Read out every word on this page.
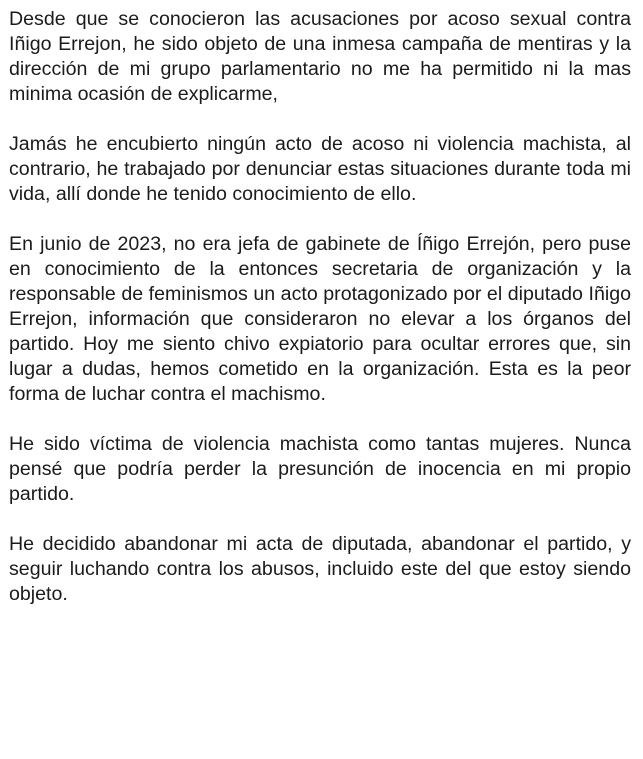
Desde que se conocieron las acusaciones por acoso sexual contra Iñigo Errejon, he sido objeto de una inmesa campaña de mentiras y la dirección de mi grupo parlamentario no me ha permitido ni la mas minima ocasión de explicarme,

Jamás he encubierto ningún acto de acoso ni violencia machista, al contrario, he trabajado por denunciar estas situaciones durante toda mi vida, allí donde he tenido conocimiento de ello.

En junio de 2023, no era jefa de gabinete de Íñigo Errejón, pero puse en conocimiento de la entonces secretaria de organización y la responsable de feminismos un acto protagonizado por el diputado Iñigo Errejon, información que consideraron no elevar a los órganos del partido. Hoy me siento chivo expiatorio para ocultar errores que, sin lugar a dudas, hemos cometido en la organización. Esta es la peor forma de luchar contra el machismo.

He sido víctima de violencia machista como tantas mujeres. Nunca pensé que podría perder la presunción de inocencia en mi propio partido.

He decidido abandonar mi acta de diputada, abandonar el partido, y seguir luchando contra los abusos, incluido este del que estoy siendo objeto.
